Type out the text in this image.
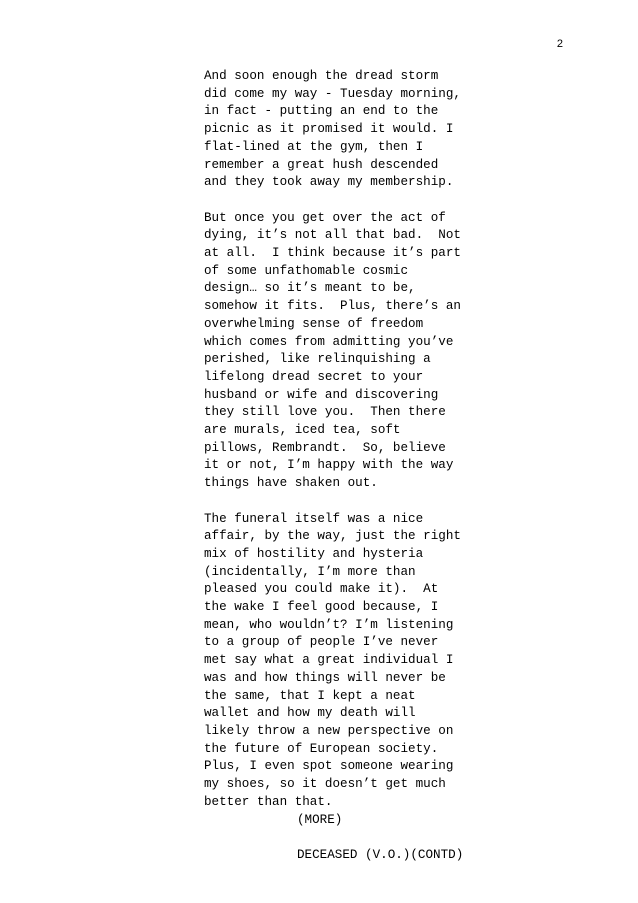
2
And soon enough the dread storm
did come my way - Tuesday morning,
in fact - putting an end to the
picnic as it promised it would. I
flat-lined at the gym, then I
remember a great hush descended
and they took away my membership.
But once you get over the act of
dying, it’s not all that bad.  Not
at all.  I think because it’s part
of some unfathomable cosmic
design… so it’s meant to be,
somehow it fits.  Plus, there’s an
overwhelming sense of freedom
which comes from admitting you’ve
perished, like relinquishing a
lifelong dread secret to your
husband or wife and discovering
they still love you.  Then there
are murals, iced tea, soft
pillows, Rembrandt.  So, believe
it or not, I’m happy with the way
things have shaken out.
The funeral itself was a nice
affair, by the way, just the right
mix of hostility and hysteria
(incidentally, I’m more than
pleased you could make it).  At
the wake I feel good because, I
mean, who wouldn’t? I’m listening
to a group of people I’ve never
met say what a great individual I
was and how things will never be
the same, that I kept a neat
wallet and how my death will
likely throw a new perspective on
the future of European society.
Plus, I even spot someone wearing
my shoes, so it doesn’t get much
better than that.
(MORE)
DECEASED (V.O.)(CONTD)
